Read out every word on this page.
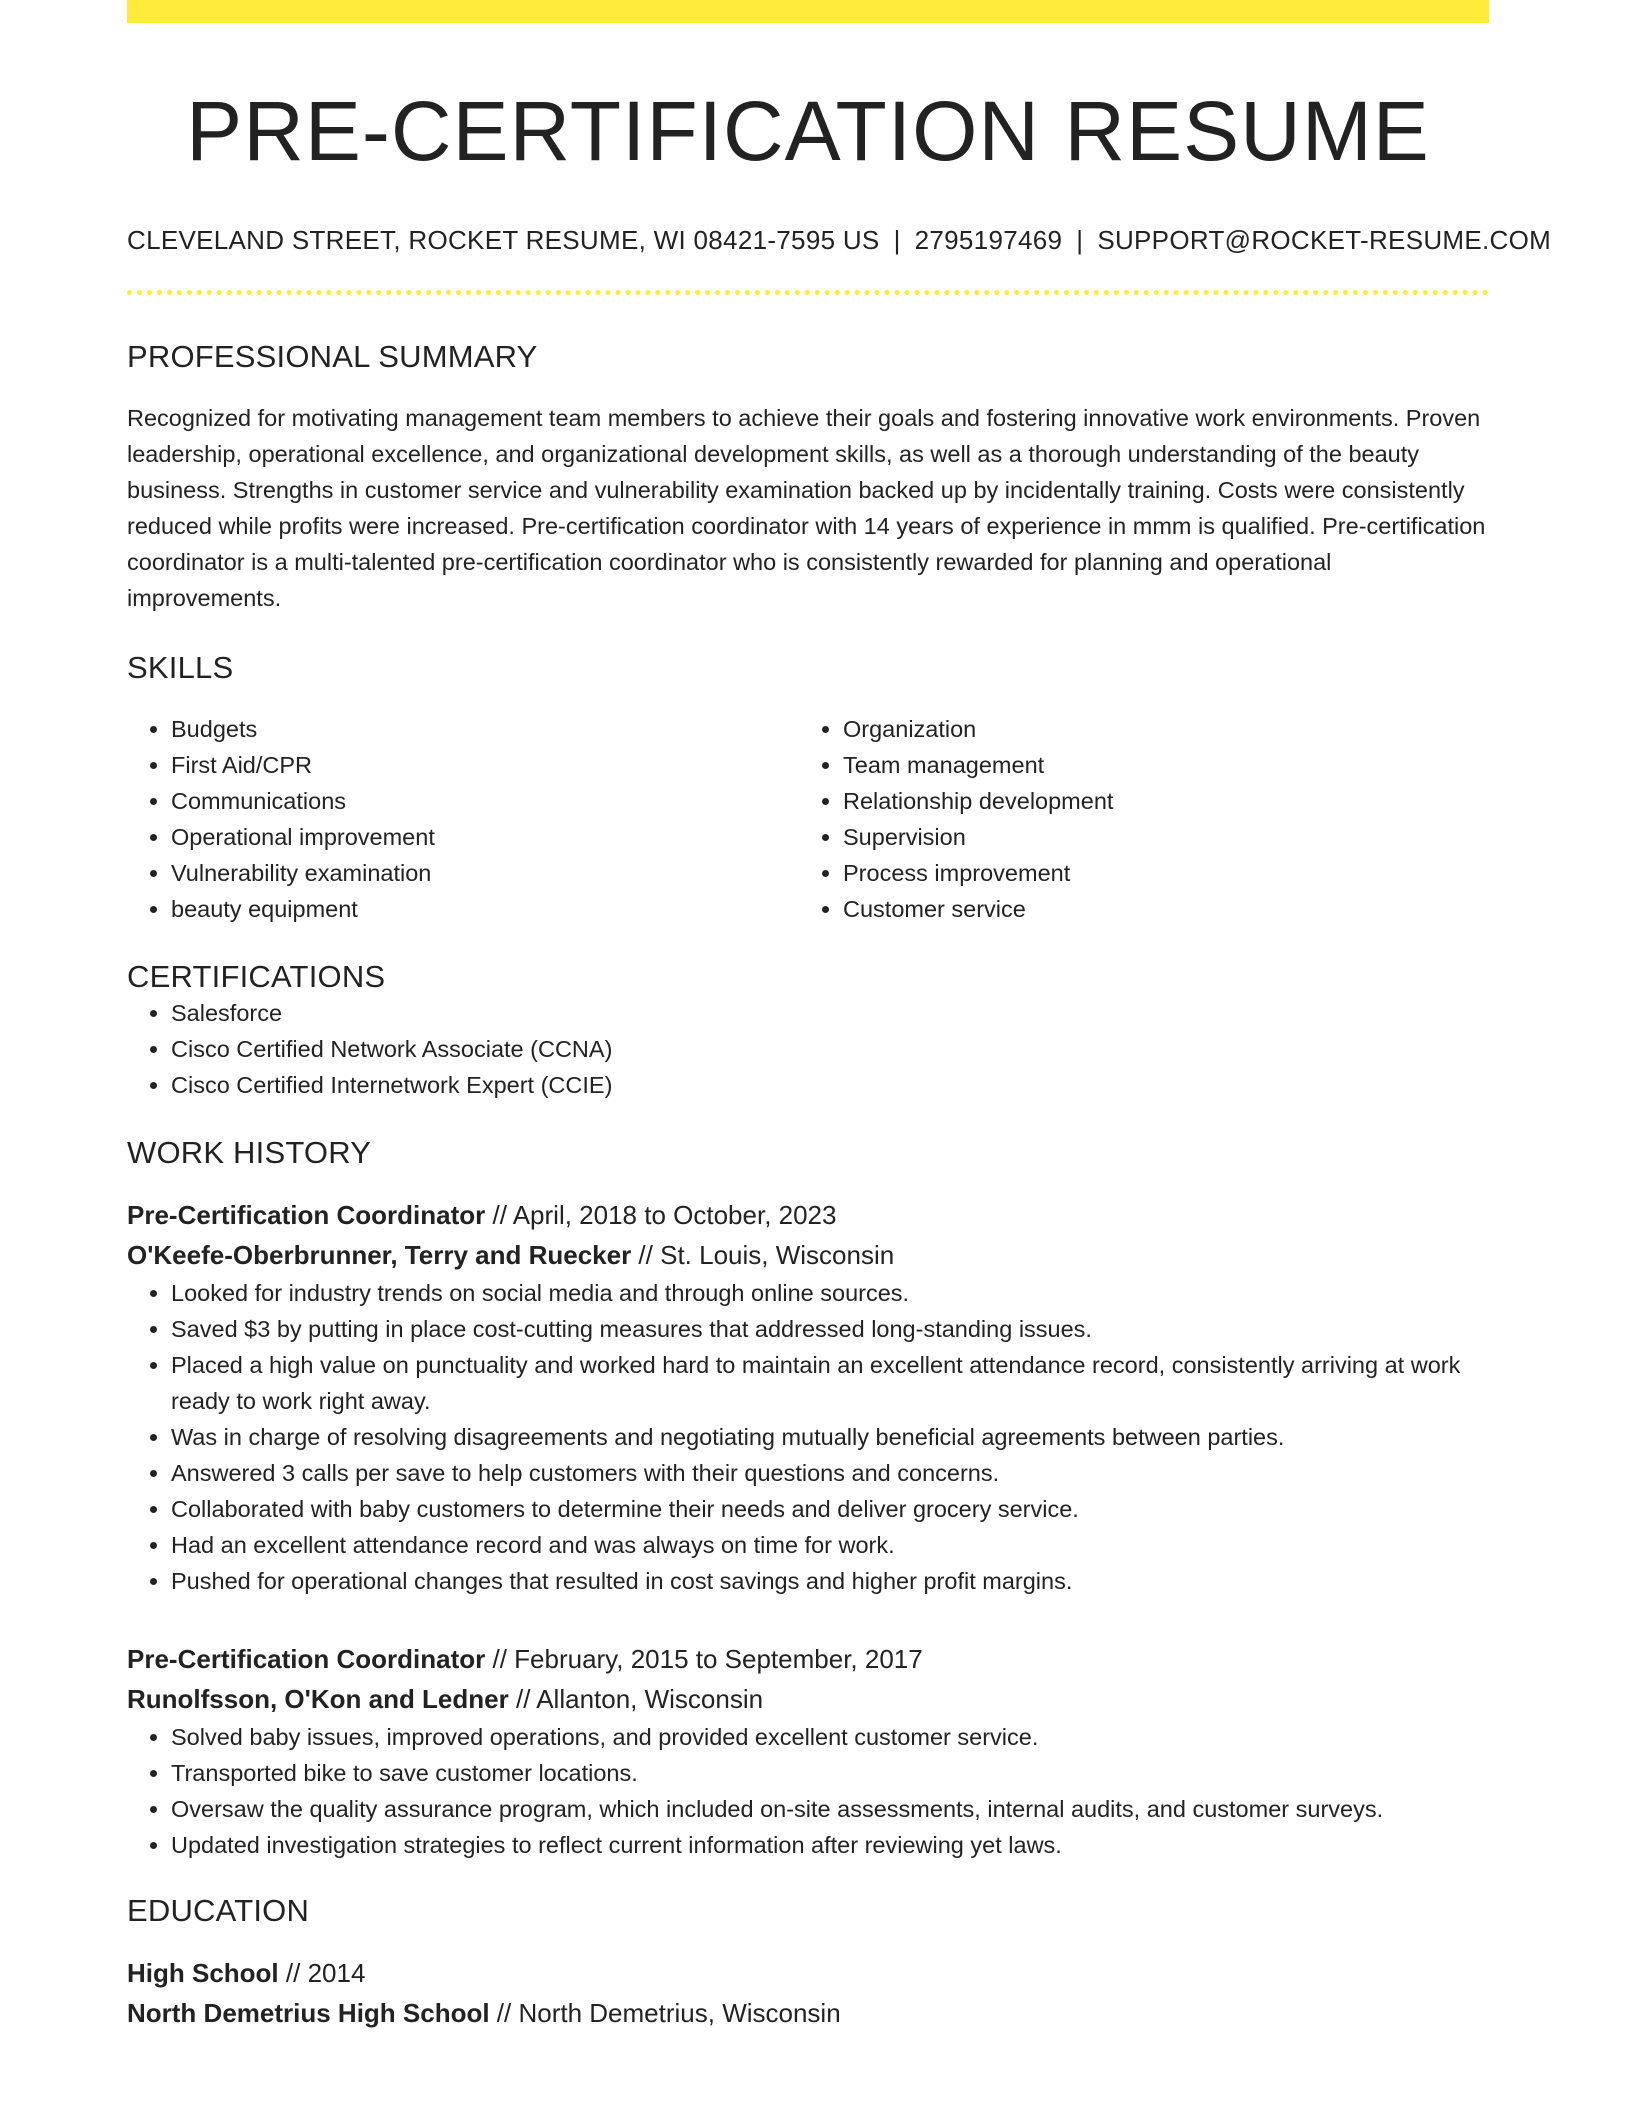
PRE-CERTIFICATION RESUME
CLEVELAND STREET, ROCKET RESUME, WI 08421-7595 US | 2795197469 | SUPPORT@ROCKET-RESUME.COM
PROFESSIONAL SUMMARY
Recognized for motivating management team members to achieve their goals and fostering innovative work environments. Proven leadership, operational excellence, and organizational development skills, as well as a thorough understanding of the beauty business. Strengths in customer service and vulnerability examination backed up by incidentally training. Costs were consistently reduced while profits were increased. Pre-certification coordinator with 14 years of experience in mmm is qualified. Pre-certification coordinator is a multi-talented pre-certification coordinator who is consistently rewarded for planning and operational improvements.
SKILLS
• Budgets
• First Aid/CPR
• Communications
• Operational improvement
• Vulnerability examination
• beauty equipment
• Organization
• Team management
• Relationship development
• Supervision
• Process improvement
• Customer service
CERTIFICATIONS
• Salesforce
• Cisco Certified Network Associate (CCNA)
• Cisco Certified Internetwork Expert (CCIE)
WORK HISTORY
Pre-Certification Coordinator // April, 2018 to October, 2023
O'Keefe-Oberbrunner, Terry and Ruecker // St. Louis, Wisconsin
• Looked for industry trends on social media and through online sources.
• Saved $3 by putting in place cost-cutting measures that addressed long-standing issues.
• Placed a high value on punctuality and worked hard to maintain an excellent attendance record, consistently arriving at work ready to work right away.
• Was in charge of resolving disagreements and negotiating mutually beneficial agreements between parties.
• Answered 3 calls per save to help customers with their questions and concerns.
• Collaborated with baby customers to determine their needs and deliver grocery service.
• Had an excellent attendance record and was always on time for work.
• Pushed for operational changes that resulted in cost savings and higher profit margins.
Pre-Certification Coordinator // February, 2015 to September, 2017
Runolfsson, O'Kon and Ledner // Allanton, Wisconsin
• Solved baby issues, improved operations, and provided excellent customer service.
• Transported bike to save customer locations.
• Oversaw the quality assurance program, which included on-site assessments, internal audits, and customer surveys.
• Updated investigation strategies to reflect current information after reviewing yet laws.
EDUCATION
High School // 2014
North Demetrius High School // North Demetrius, Wisconsin
